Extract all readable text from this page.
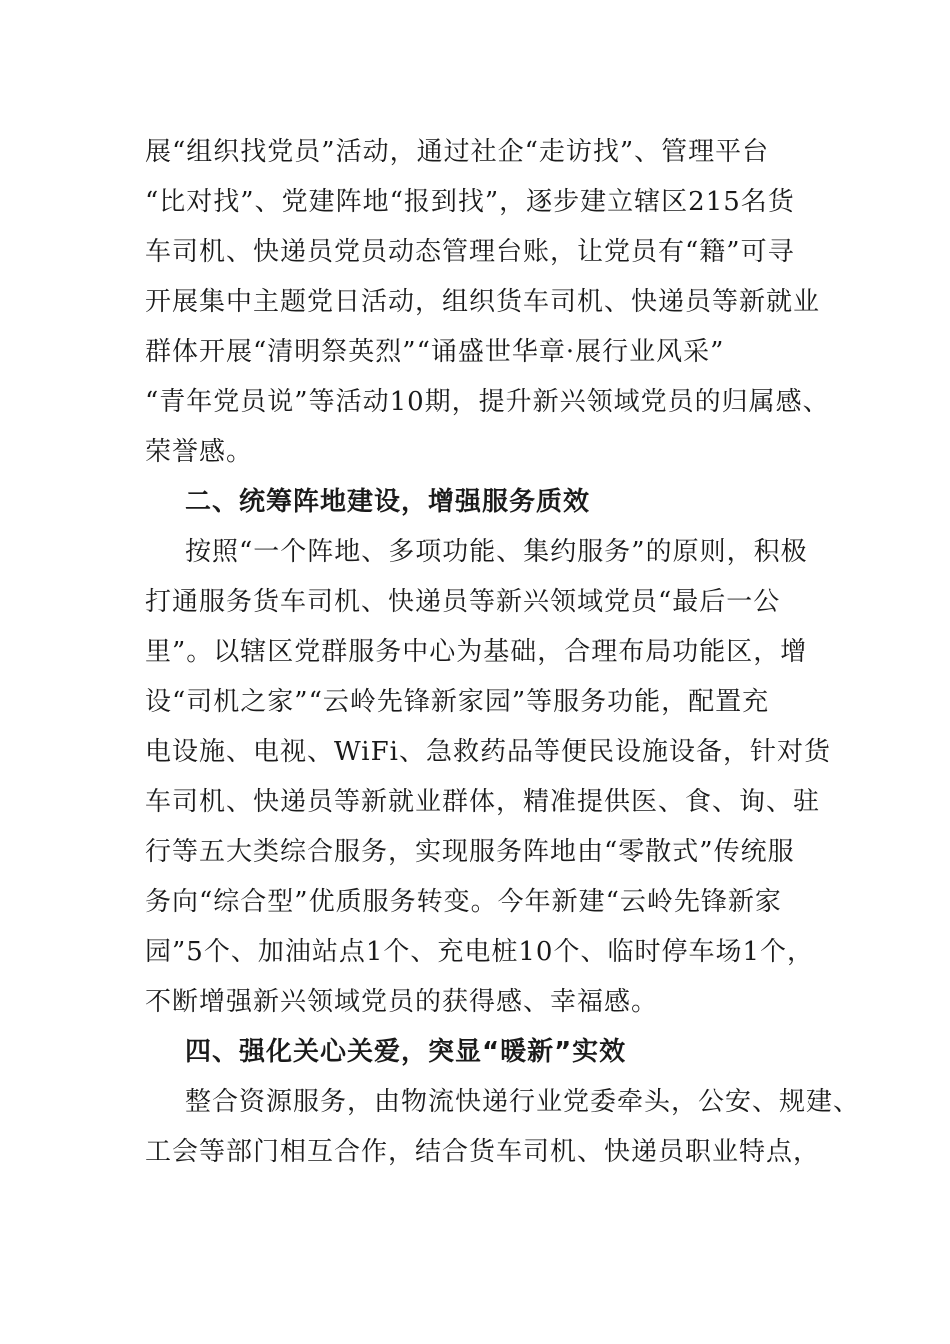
展“组织找党员”活动，通过社企“走访找”、管理平台
“比对找”、党建阵地“报到找”，逐步建立辖区215名货
车司机、快递员党员动态管理台账，让党员有“籍”可寻
开展集中主题党日活动，组织货车司机、快递员等新就业
群体开展“清明祭英烈”“诵盛世华章·展行业风采”
“青年党员说”等活动10期，提升新兴领域党员的归属感、
荣誉感。
二、统筹阵地建设，增强服务质效
按照“一个阵地、多项功能、集约服务”的原则，积极
打通服务货车司机、快递员等新兴领域党员“最后一公
里”。以辖区党群服务中心为基础，合理布局功能区，增
设“司机之家”“云岭先锋新家园”等服务功能，配置充
电设施、电视、WiFi、急救药品等便民设施设备，针对货
车司机、快递员等新就业群体，精准提供医、食、询、驻
行等五大类综合服务，实现服务阵地由“零散式”传统服
务向“综合型”优质服务转变。今年新建“云岭先锋新家
园”5个、加油站点1个、充电桩10个、临时停车场1个，
不断增强新兴领域党员的获得感、幸福感。
四、强化关心关爱，突显“暖新”实效
整合资源服务，由物流快递行业党委牵头，公安、规建、
工会等部门相互合作，结合货车司机、快递员职业特点，
